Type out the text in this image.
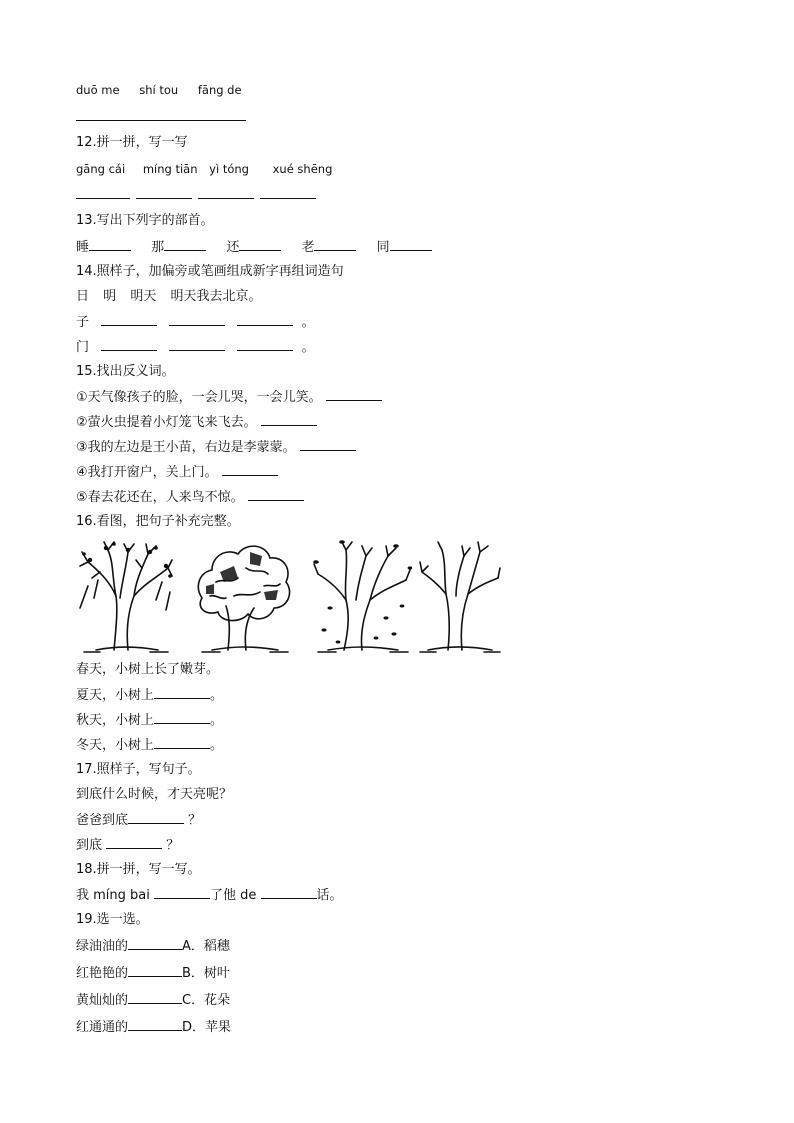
duō me shí tou fāng de
12.拼一拼，写一写
gāng cái míng tiān yì tóng xué shēng
13.写出下列字的部首。
睡	那	还	老	同
14.照样子，加偏旁或笔画组成新字再组词造句
日 明 明天 明天我去北京。
子	。
门	。
15.找出反义词。
①天气像孩子的脸，一会儿哭，一会儿笑。
②萤火虫提着小灯笼飞来飞去。
③我的左边是王小苗，右边是李蒙蒙。
④我打开窗户，关上门。
⑤春去花还在，人来鸟不惊。
16.看图，把句子补充完整。
春天，小树上长了嫩芽。
夏天，小树上	。
秋天，小树上	。
冬天，小树上	。
17.照样子，写句子。
到底什么时候，才天亮呢？
爸爸到底	？
到底	？
18.拼一拼，写一写。
我 míng bai	了他 de	话。
19.选一选。
绿油油的	A．稻穗
红艳艳的	B．树叶
黄灿灿的	C．花朵
红通通的	D．苹果
